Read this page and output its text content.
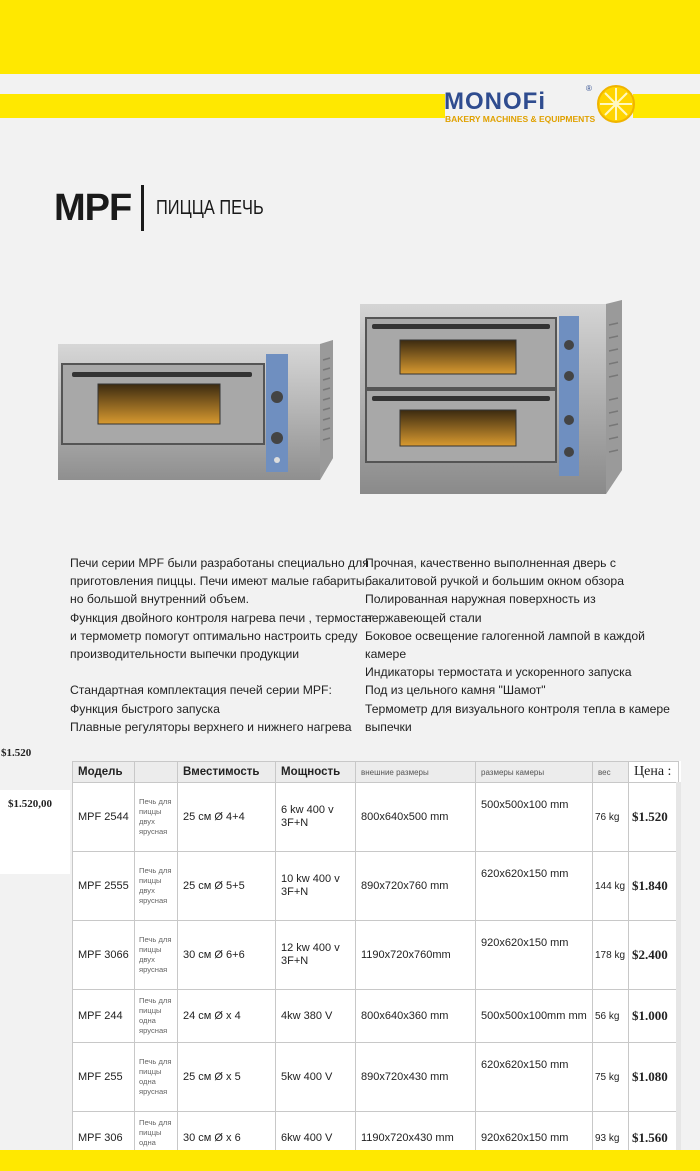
MONOFi	®
BAKERY MACHINES & EQUIPMENTS
MPF ПИЦЦА ПЕЧЬ
Печи серии MPF были разработаны специально для
приготовления пиццы. Печи имеют малые габариты,
но большой внутренний объем.
Функция двойного контроля нагрева печи , термостат
и термометр помогут оптимально настроить среду
производительности выпечки продукции

Стандартная комплектация печей серии MPF:
Функция быстрого запуска
Плавные регуляторы верхнего и нижнего нагрева
Прочная, качественно выполненная дверь с
бакалитовой ручкой и большим окном обзора
Полированная наружная поверхность из
нержавеющей стали
Боковое освещение галогенной лампой в каждой
камере
Индикаторы термостата и ускоренного запуска
Под из цельного камня "Шамот"
Термометр для визуального контроля тепла в камере
выпечки
$1.520
$1.520,00
Модель		Вместимость	Мощность	внешние размеры	размеры камеры	вес	Цена :
MPF 2544	Печь для пиццы двух ярусная	25 см Ø 4+4	6 kw 400 v 3F+N	800x640x500 mm	500x500x100 mm	76 kg	$1.520
MPF 2555	Печь для пиццы двух ярусная	25 см Ø 5+5	10 kw 400 v 3F+N	890x720x760 mm	620x620x150 mm	144 kg	$1.840
MPF 3066	Печь для пиццы двух ярусная	30 см Ø 6+6	12 kw 400 v 3F+N	1190x720x760mm	920x620x150 mm	178 kg	$2.400
MPF 244	Печь для пиццы одна ярусная	24 см Ø x 4	4kw 380 V	800x640x360 mm	500x500x100mm mm	56 kg	$1.000
MPF 255	Печь для пиццы одна ярусная	25 см Ø x 5	5kw 400 V	890x720x430 mm	620x620x150 mm	75 kg	$1.080
MPF 306	Печь для пиццы одна	30 см Ø x 6	6kw 400 V	1190x720x430 mm	920x620x150 mm	93 kg	$1.560
